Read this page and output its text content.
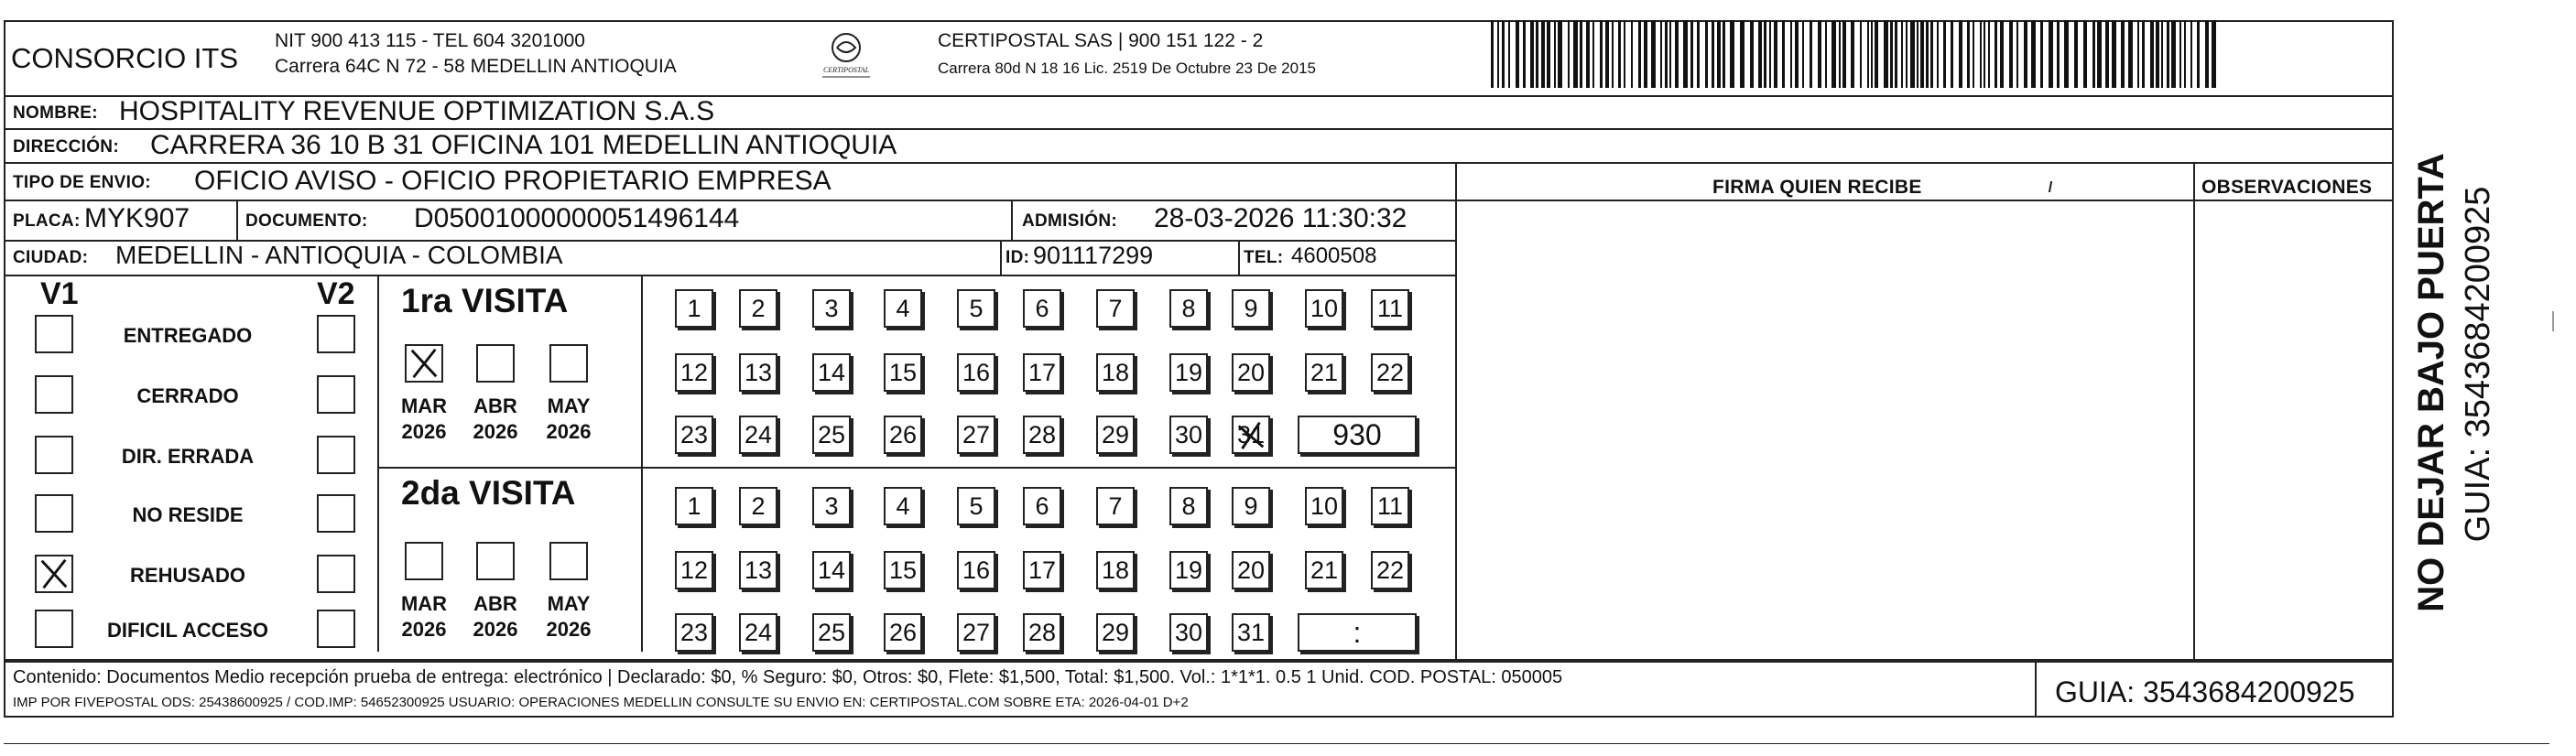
CONSORCIO ITS
NIT 900 413 115 - TEL 604 3201000
Carrera 64C N 72 - 58 MEDELLIN ANTIOQUIA	CERTIPOSTAL
CERTIPOSTAL SAS | 900 151 122 - 2
Carrera 80d N 18 16 Lic. 2519 De Octubre 23 De 2015
NOMBRE: HOSPITALITY REVENUE OPTIMIZATION S.A.S
DIRECCIÓN: CARRERA 36 10 B 31 OFICINA 101 MEDELLIN ANTIOQUIA
TIPO DE ENVIO: OFICIO AVISO - OFICIO PROPIETARIO EMPRESA	FIRMA QUIEN RECIBE	ı	OBSERVACIONES
PLACA: MYK907	DOCUMENTO: D05001000000051496144	ADMISIÓN: 28-03-2026 11:30:32
CIUDAD: MEDELLIN - ANTIOQUIA - COLOMBIA	ID: 901117299	TEL: 4600508
V1	V2
ENTREGADO
CERRADO
DIR. ERRADA
NO RESIDE
REHUSADO
DIFICIL ACCESO
1ra VISITA
2da VISITA
MAR
2026
ABR
2026
MAY
2026
1	2	3	4	5	6	7	8	9	10 11
12 13 14 15 16 17 18 19 20 21 22
23 24 25 26 27 28 29 30 31	930
MAR
2026
ABR
2026
MAY
2026
1	2	3	4	5	6	7	8	9	10 11
12 13 14 15 16 17 18 19 20 21 22
23 24 25 26 27 28 29 30 31	:
Contenido: Documentos Medio recepción prueba de entrega: electrónico | Declarado: $0, % Seguro: $0, Otros: $0, Flete: $1,500, Total: $1,500. Vol.: 1*1*1. 0.5 1 Unid. COD. POSTAL: 050005
IMP POR FIVEPOSTAL ODS: 25438600925 / COD.IMP: 54652300925 USUARIO: OPERACIONES MEDELLIN CONSULTE SU ENVIO EN: CERTIPOSTAL.COM SOBRE ETA: 2026-04-01 D+2	GUIA: 3543684200925
NO DEJAR BAJO PUERTA GUIA: 3543684200925
